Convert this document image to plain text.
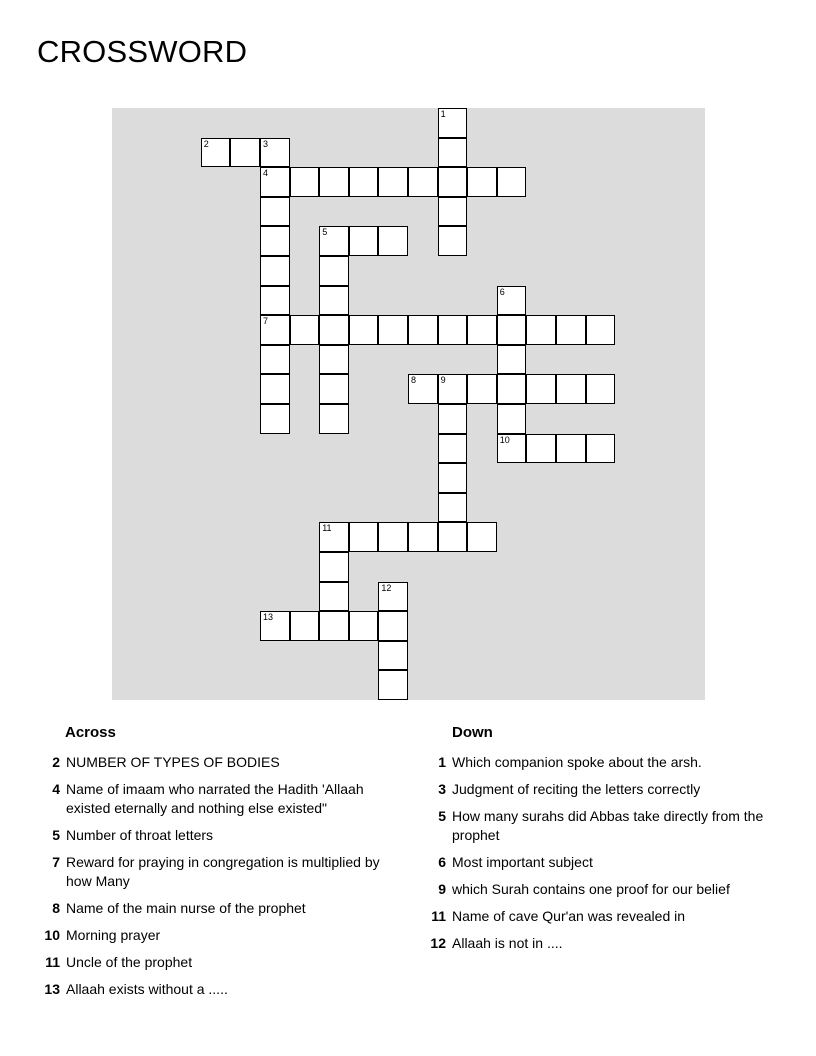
CROSSWORD
1
2	3
4
7
5
6
10
8	9
11
12
13
Across
2 NUMBER OF TYPES OF BODIES
4 Name of imaam who narrated the Hadith 'Allaah existed eternally and nothing else existed"
5 Number of throat letters
7 Reward for praying in congregation is multiplied by how Many
8 Name of the main nurse of the prophet
10 Morning prayer
11 Uncle of the prophet
13 Allaah exists without a .....
Down
1 Which companion spoke about the arsh.
3 Judgment of reciting the letters correctly
5 How many surahs did Abbas take directly from the prophet
6 Most important subject
9 which Surah contains one proof for our belief
11 Name of cave Qur'an was revealed in
12 Allaah is not in ....
